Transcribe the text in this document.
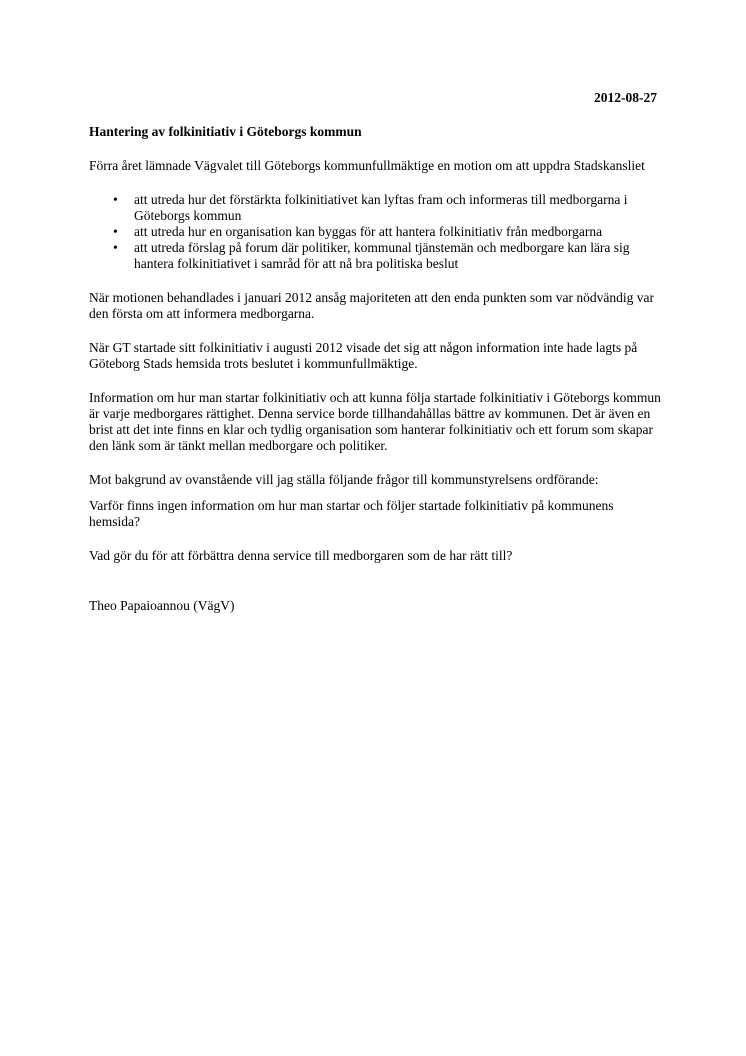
2012-08-27
Hantering av folkinitiativ i Göteborgs kommun

Förra året lämnade Vägvalet till Göteborgs kommunfullmäktige en motion om att uppdra Stadskansliet

• att utreda hur det förstärkta folkinitiativet kan lyftas fram och informeras till medborgarna i Göteborgs kommun
• att utreda hur en organisation kan byggas för att hantera folkinitiativ från medborgarna
• att utreda förslag på forum där politiker, kommunal tjänstemän och medborgare kan lära sig hantera folkinitiativet i samråd för att nå bra politiska beslut

När motionen behandlades i januari 2012 ansåg majoriteten att den enda punkten som var nödvändig var den första om att informera medborgarna.

När GT startade sitt folkinitiativ i augusti 2012 visade det sig att någon information inte hade lagts på Göteborg Stads hemsida trots beslutet i kommunfullmäktige.

Information om hur man startar folkinitiativ och att kunna följa startade folkinitiativ i Göteborgs kommun är varje medborgares rättighet. Denna service borde tillhandahållas bättre av kommunen. Det är även en brist att det inte finns en klar och tydlig organisation som hanterar folkinitiativ och ett forum som skapar den länk som är tänkt mellan medborgare och politiker.

Mot bakgrund av ovanstående vill jag ställa följande frågor till kommunstyrelsens ordförande:

Varför finns ingen information om hur man startar och följer startade folkinitiativ på kommunens hemsida?

Vad gör du för att förbättra denna service till medborgaren som de har rätt till?

Theo Papaioannou (VägV)
